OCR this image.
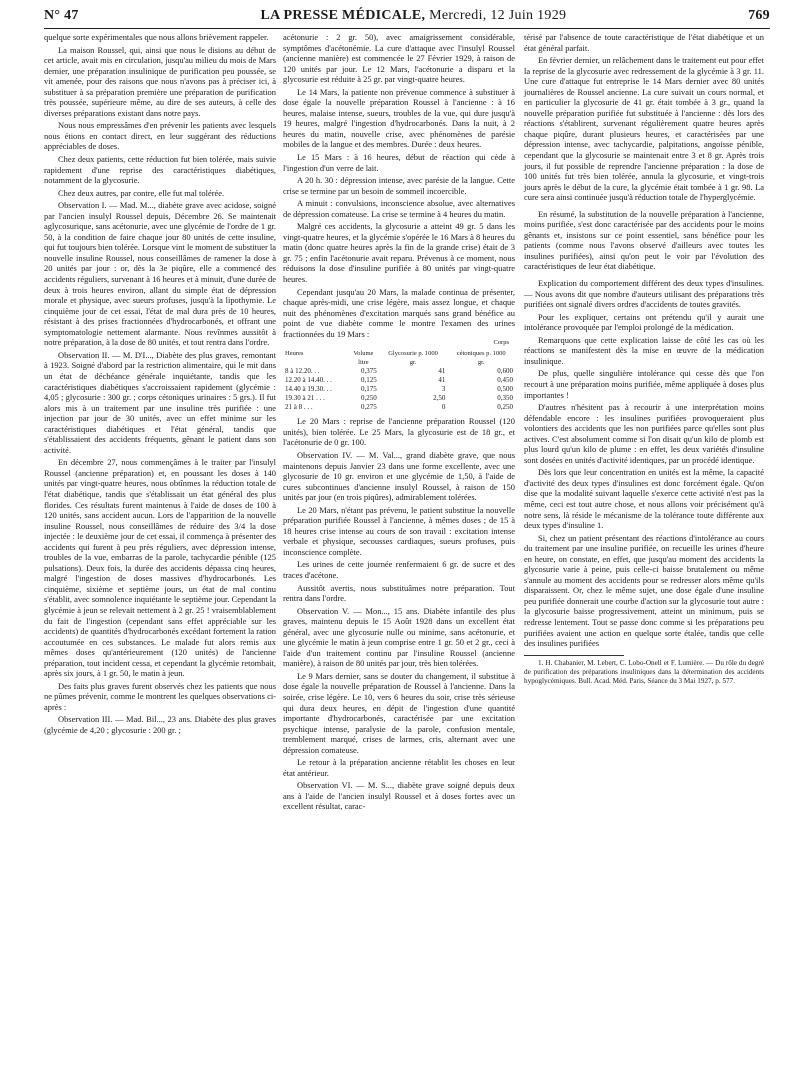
N° 47	LA PRESSE MÉDICALE, Mercredi, 12 Juin 1929	769

quelque sorte expérimentales que nous allons brièvement rappeler.

La maison Roussel, qui, ainsi que nous le disions au début de cet article, avait mis en circulation, jusqu'au milieu du mois de Mars dernier, une préparation insulinique de purification peu poussée, se vit amenée, pour des raisons que nous n'avons pas à préciser ici, à substituer à sa préparation première une préparation de purification très poussée, supérieure même, au dire de ses auteurs, à celle des diverses préparations existant dans notre pays.

Nous nous empressâmes d'en prévenir les patients avec lesquels nous étions en contact direct, en leur suggérant des réductions appréciables de doses.

Chez deux patients, cette réduction fut bien tolérée, mais suivie rapidement d'une reprise des caractéristiques diabétiques, notamment de la glycosurie.

Chez deux autres, par contre, elle fut mal tolérée.

Observation I. — Mad. M..., diabète grave avec acidose, soigné par l'ancien insulyl Roussel depuis, Décembre 26. Se maintenait aglycosurique, sans acétonurie, avec une glycémie de l'ordre de 1 gr. 50, à la condition de faire chaque jour 80 unités de cette insuline, qui fut toujours bien tolérée. Lorsque vint le moment de substituer la nouvelle insuline Roussel, nous conseillâmes de ramener la dose à 20 unités par jour : or, dès la 3e piqûre, elle a commencé des accidents réguliers, survenant à 16 heures et à minuit, d'une durée de deux à trois heures environ, allant du simple état de dépression morale et physique, avec sueurs profuses, jusqu'à la lipothymie. Le cinquième jour de cet essai, l'état de mal dura près de 10 heures, résistant à des prises fractionnées d'hydrocarbonés, et offrant une symptomatologie nettement alarmante. Nous revînmes aussitôt à notre préparation, à la dose de 80 unités, et tout rentra dans l'ordre.

Observation II. — M. D'I..., Diabète des plus graves, remontant à 1923. Soigné d'abord par la restriction alimentaire, qui le mit dans un état de déchéance générale inquiétante, tandis que les caractéristiques diabétiques s'accroissaient rapidement (glycémie : 4,05 ; glycosurie : 300 gr. ; corps cétoniques urinaires : 5 grs.). Il fut alors mis à un traitement par une insuline très purifiée : une injection par jour de 30 unités, avec un effet minime sur les caractéristiques diabétiques et l'état général, tandis que s'établissaient des accidents fréquents, gênant le patient dans son activité.

En décembre 27, nous commençâmes à le traiter par l'insulyl Roussel (ancienne préparation) et, en poussant les doses à 140 unités par vingt-quatre heures, nous obtînmes la réduction totale de l'état diabétique, tandis que s'établissait un état général des plus florides. Ces résultats furent maintenus à l'aide de doses de 100 à 120 unités, sans accident aucun. Lors de l'apparition de la nouvelle insuline Roussel, nous conseillâmes de réduire des 3/4 la dose injectée : le deuxième jour de cet essai, il commença à présenter des accidents qui furent à peu près réguliers, avec dépression intense, troubles de la vue, embarras de la parole, tachycardie pénible (125 pulsations). Deux fois, la durée des accidents dépassa cinq heures, malgré l'ingestion de doses massives d'hydrocarbonés. Les cinquième, sixième et septième jours, un état de mal continu s'établit, avec somnolence inquiétante le septième jour. Cependant la glycémie à jeun se relevait nettement à 2 gr. 25 ! vraisemblablement du fait de l'ingestion (cependant sans effet appréciable sur les accidents) de quantités d'hydrocarbonés excédant fortement la ration accoutumée en ces substances. Le malade fut alors remis aux mêmes doses qu'antérieurement (120 unités) de l'ancienne préparation, tout incident cessa, et cependant la glycémie retombait, après six jours, à 1 gr. 50, le matin à jeun.

Des faits plus graves furent observés chez les patients que nous ne pûmes prévenir, comme le montrent les quelques observations ci-après :

Observation III. — Mad. Bil..., 23 ans. Diabète des plus graves (glycémie de 4,20 ; glycosurie : 200 gr. ;

acétonurie : 2 gr. 50), avec amaigrissement considérable, symptômes d'acétonémie. La cure d'attaque avec l'insulyl Roussel (ancienne manière) est commencée le 27 Février 1929, à raison de 120 unités par jour. Le 12 Mars, l'acétonurie a disparu et la glycosurie est réduite à 25 gr. par vingt-quatre heures.

Le 14 Mars, la patiente non prévenue commence à substituer à dose égale la nouvelle préparation Roussel à l'ancienne : à 16 heures, malaise intense, sueurs, troubles de la vue, qui dure jusqu'à 19 heures, malgré l'ingestion d'hydrocarbonés. Dans la nuit, à 2 heures du matin, nouvelle crise, avec phénomènes de parésie mobiles de la langue et des membres. Durée : deux heures.

Le 15 Mars : à 16 heures, début de réaction qui cède à l'ingestion d'un verre de lait.

A 20 h. 30 : dépression intense, avec parésie de la langue. Cette crise se termine par un besoin de sommeil incoercible.

A minuit : convulsions, inconscience absolue, avec alternatives de dépression comateuse. La crise se termine à 4 heures du matin.

Malgré ces accidents, la glycosurie a atteint 49 gr. 5 dans les vingt-quatre heures, et la glycémie s'opérée le 16 Mars à 8 heures du matin (donc quatre heures après la fin de la grande crise) était de 3 gr. 75 ; enfin l'acétonurie avait reparu. Prévenus à ce moment, nous réduisons la dose d'insuline purifiée à 80 unités par vingt-quatre heures.

Cependant jusqu'au 20 Mars, la malade continua de présenter, chaque après-midi, une crise légère, mais assez longue, et chaque nuit des phénomènes d'excitation marqués sans grand bénéfice au point de vue diabète comme le montre l'examen des urines fractionnées du 19 Mars :

Corps
Heures	Volume	Glycosurie p. 1000	cétoniques p. 1000
	litre	gr.	gr.
8 à 12.20. . .	0,375	41	0,600
12.20 à 14.40. . .	0,125	41	0,450
14.40 à 19.30. . .	0,175	3	0,500
19.30 à 21 . . .	0,250	2,50	0,350
21 à 8 . . .	0,275	0	0,250

Le 20 Mars : reprise de l'ancienne préparation Roussel (120 unités), bien tolérée. Le 25 Mars, la glycosurie est de 18 gr., et l'acétonurie de 0 gr. 100.

Observation IV. — M. Val..., grand diabète grave, que nous maintenons depuis Janvier 23 dans une forme excellente, avec une glycosurie de 10 gr. environ et une glycémie de 1,50, à l'aide de cures subcontinues d'ancienne insulyl Roussel, à raison de 150 unités par jour (en trois piqûres), admirablement tolérées.

Le 20 Mars, n'étant pas prévenu, le patient substitue la nouvelle préparation purifiée Roussel à l'ancienne, à mêmes doses ; de 15 à 18 heures crise intense au cours de son travail : excitation intense verbale et physique, secousses cardiaques, sueurs profuses, puis inconscience complète.

Les urines de cette journée renfermaient 6 gr. de sucre et des traces d'acétone.

Aussitôt avertis, nous substituâmes notre préparation. Tout rentra dans l'ordre.

Observation V. — Mon..., 15 ans. Diabète infantile des plus graves, maintenu depuis le 15 Août 1928 dans un excellent état général, avec une glycosurie nulle ou minime, sans acétonurie, et une glycémie le matin à jeun comprise entre 1 gr. 50 et 2 gr., ceci à l'aide d'un traitement continu par l'insuline Roussel (ancienne manière), à raison de 80 unités par jour, très bien tolérées.

Le 9 Mars dernier, sans se douter du changement, il substitue à dose égale la nouvelle préparation de Roussel à l'ancienne. Dans la soirée, crise légère. Le 10, vers 6 heures du soir, crise très sérieuse qui dura deux heures, en dépit de l'ingestion d'une quantité importante d'hydrocarbonés, caractérisée par une excitation psychique intense, paralysie de la parole, confusion mentale, tremblement marqué, crises de larmes, cris, alternant avec une dépression comateuse.

Le retour à la préparation ancienne rétablit les choses en leur état antérieur.

Observation VI. — M. S..., diabète grave soigné depuis deux ans à l'aide de l'ancien insulyl Roussel et à doses fortes avec un excellent résultat, carac-

térisé par l'absence de toute caractéristique de l'état diabétique et un état général parfait.

En février dernier, un relâchement dans le traitement eut pour effet la reprise de la glycosurie avec redressement de la glycémie à 3 gr. 11. Une cure d'attaque fut entreprise le 14 Mars dernier avec 80 unités journalières de Roussel ancienne. La cure suivait un cours normal, et en particulier la glycosurie de 41 gr. était tombée à 3 gr., quand la nouvelle préparation purifiée fut substituée à l'ancienne : dès lors des réactions s'établirent, survenant régulièrement quatre heures après chaque piqûre, durant plusieurs heures, et caractérisées par une dépression intense, avec tachycardie, palpitations, angoisse pénible, cependant que la glycosurie se maintenait entre 3 et 8 gr. Après trois jours, il fut possible de reprendre l'ancienne préparation : la dose de 100 unités fut très bien tolérée, annula la glycosurie, et vingt-trois jours après le début de la cure, la glycémie était tombée à 1 gr. 98. La cure sera ainsi continuée jusqu'à réduction totale de l'hyperglycémie.

En résumé, la substitution de la nouvelle préparation à l'ancienne, moins purifiée, s'est donc caractérisée par des accidents pour le moins gênants et, insistons sur ce point essentiel, sans bénéfice pour les patients (comme nous l'avons observé d'ailleurs avec toutes les insulines purifiées), ainsi qu'on peut le voir par l'évolution des caractéristiques de leur état diabétique.

Explication du comportement différent des deux types d'insulines. — Nous avons dit que nombre d'auteurs utilisant des préparations très purifiées ont signalé divers ordres d'accidents de toutes gravités.

Pour les expliquer, certains ont prétendu qu'il y aurait une intolérance provoquée par l'emploi prolongé de la médication.

Remarquons que cette explication laisse de côté les cas où les réactions se manifestent dès la mise en œuvre de la médication insulinique.

De plus, quelle singulière intolérance qui cesse dès que l'on recourt à une préparation moins purifiée, même appliquée à doses plus importantes !

D'autres n'hésitent pas à recourir à une interprétation moins défendable encore : les insulines purifiées provoqueraient plus volontiers des accidents que les non purifiées parce qu'elles sont plus actives. C'est absolument comme si l'on disait qu'un kilo de plomb est plus lourd qu'un kilo de plume : en effet, les deux variétés d'insuline sont dosées en unités d'activité identiques, par un procédé identique.

Dès lors que leur concentration en unités est la même, la capacité d'activité des deux types d'insulines est donc forcément égale. Qu'on dise que la modalité suivant laquelle s'exerce cette activité n'est pas la même, ceci est tout autre chose, et nous allons voir précisément qu'à notre sens, là réside le mécanisme de la tolérance toute différente aux deux types d'insuline 1.

Si, chez un patient présentant des réactions d'intolérance au cours du traitement par une insuline purifiée, on recueille les urines d'heure en heure, on constate, en effet, que jusqu'au moment des accidents la glycosurie varie à peine, puis celle-ci baisse brutalement ou même s'annule au moment des accidents pour se redresser alors même qu'ils disparaissent. Or, chez le même sujet, une dose égale d'une insuline peu purifiée donnerait une courbe d'action sur la glycosurie tout autre : la glycosurie baisse progressivement, atteint un minimum, puis se redresse lentement. Tout se passe donc comme si les préparations peu purifiées avaient une action en quelque sorte étalée, tandis que celle des insulines purifiées

1. H. Chabanier, M. Lebert, C. Lobo-Onell et F. Lumière. — Du rôle du degré de purification des préparations insuliniques dans la détermination des accidents hypoglycémiques. Bull. Acad. Méd. Paris, Séance du 3 Mai 1927, p. 577.
